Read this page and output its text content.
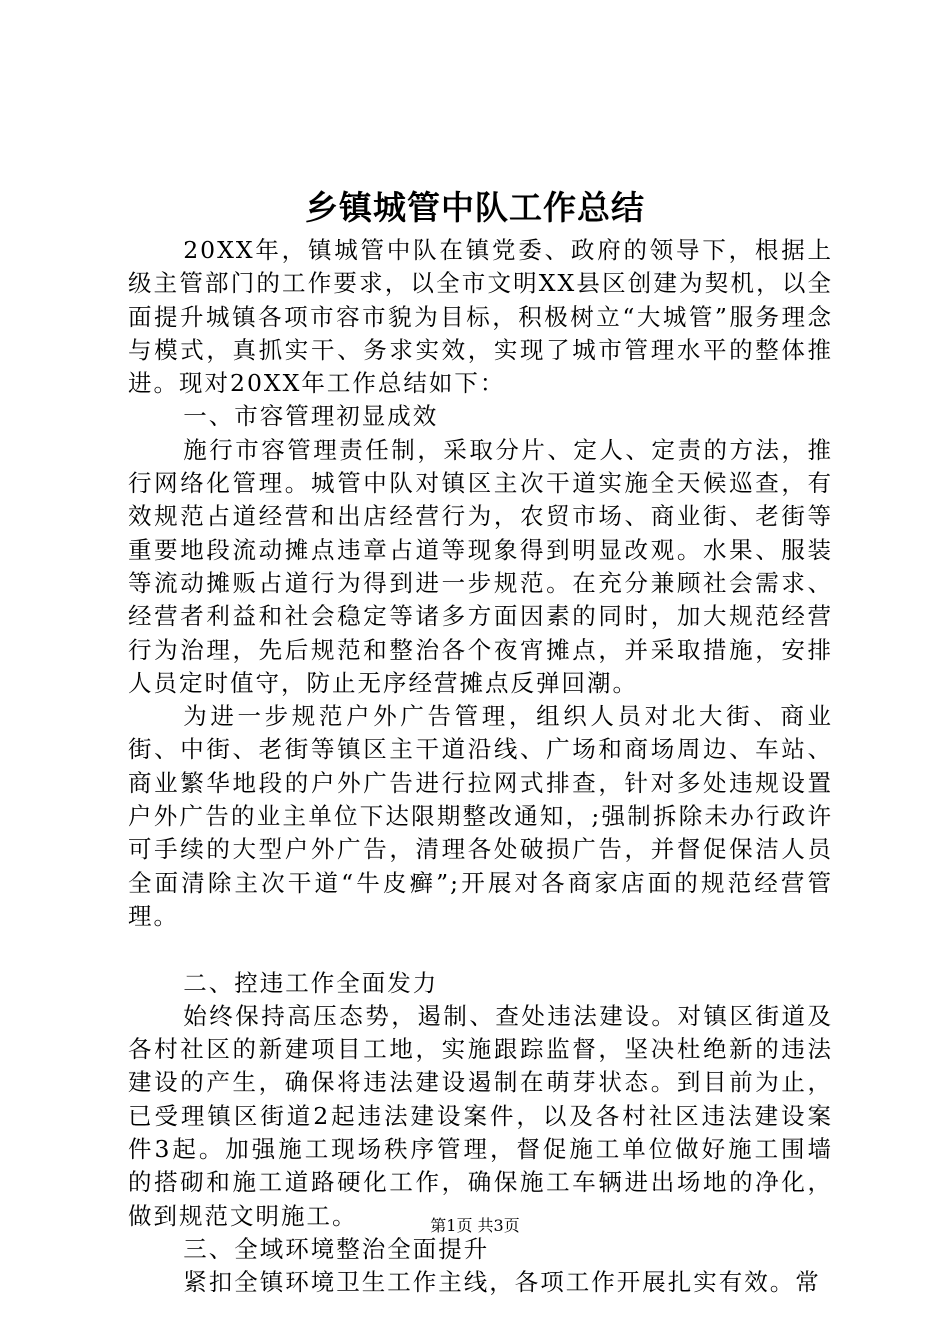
乡镇城管中队工作总结

20XX年，镇城管中队在镇党委、政府的领导下，根据上级主管部门的工作要求，以全市文明XX县区创建为契机，以全面提升城镇各项市容市貌为目标，积极树立“大城管”服务理念与模式，真抓实干、务求实效，实现了城市管理水平的整体推进。现对20XX年工作总结如下：

一、市容管理初显成效

施行市容管理责任制，采取分片、定人、定责的方法，推行网络化管理。城管中队对镇区主次干道实施全天候巡查，有效规范占道经营和出店经营行为，农贸市场、商业街、老街等重要地段流动摊点违章占道等现象得到明显改观。水果、服装等流动摊贩占道行为得到进一步规范。在充分兼顾社会需求、经营者利益和社会稳定等诸多方面因素的同时，加大规范经营行为治理，先后规范和整治各个夜宵摊点，并采取措施，安排人员定时值守，防止无序经营摊点反弹回潮。

为进一步规范户外广告管理，组织人员对北大街、商业街、中街、老街等镇区主干道沿线、广场和商场周边、车站、商业繁华地段的户外广告进行拉网式排查，针对多处违规设置户外广告的业主单位下达限期整改通知，;强制拆除未办行政许可手续的大型户外广告，清理各处破损广告，并督促保洁人员全面清除主次干道“牛皮癣”;开展对各商家店面的规范经营管理。

二、控违工作全面发力

始终保持高压态势，遏制、查处违法建设。对镇区街道及各村社区的新建项目工地，实施跟踪监督，坚决杜绝新的违法建设的产生，确保将违法建设遏制在萌芽状态。到目前为止，已受理镇区街道2起违法建设案件，以及各村社区违法建设案件3起。加强施工现场秩序管理，督促施工单位做好施工围墙的搭砌和施工道路硬化工作，确保施工车辆进出场地的净化，做到规范文明施工。

三、全域环境整治全面提升

紧扣全镇环境卫生工作主线，各项工作开展扎实有效。常

第1页 共3页
